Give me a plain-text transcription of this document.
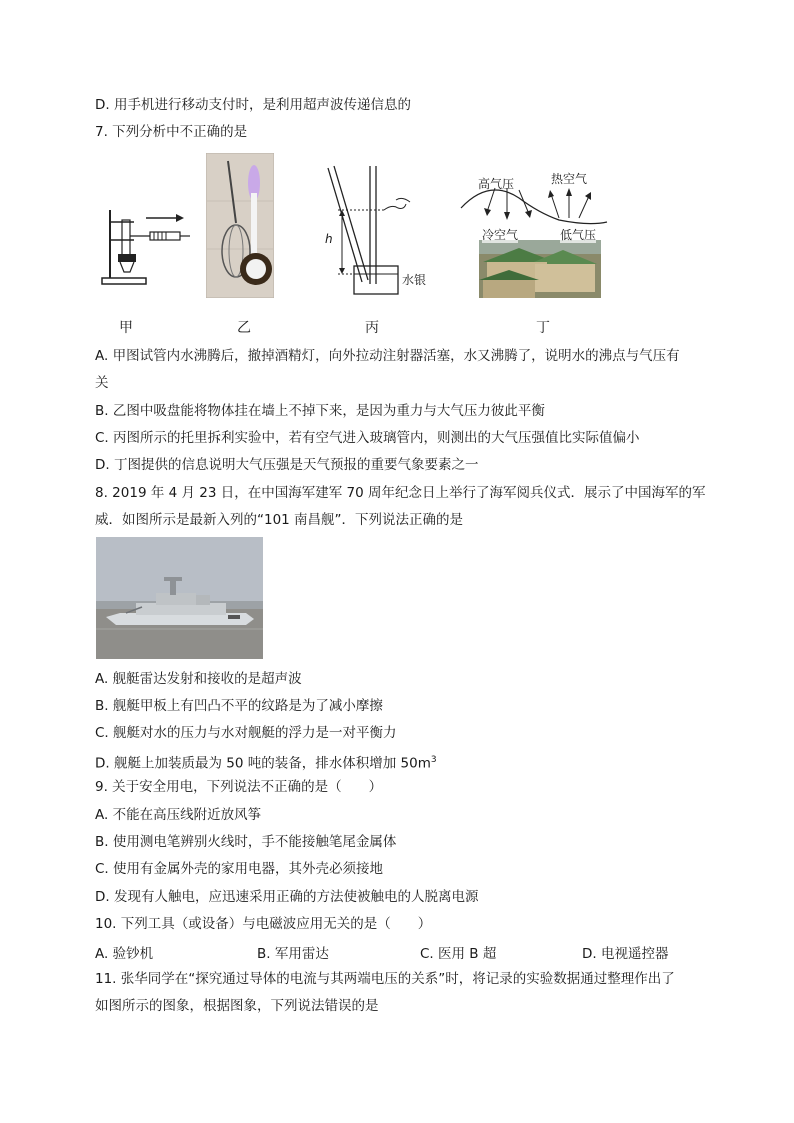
D. 用手机进行移动支付时，是利用超声波传递信息的
7. 下列分析中不正确的是
h
水银
高气压	热空气
冷空气	低气压
甲	乙	丙	丁
A. 甲图试管内水沸腾后，撤掉酒精灯，向外拉动注射器活塞，水又沸腾了，说明水的沸点与气压有
关
B. 乙图中吸盘能将物体挂在墙上不掉下来，是因为重力与大气压力彼此平衡
C. 丙图所示的托里拆利实验中，若有空气进入玻璃管内，则测出的大气压强值比实际值偏小
D. 丁图提供的信息说明大气压强是天气预报的重要气象要素之一
8. 2019 年 4 月 23 日，在中国海军建军 70 周年纪念日上举行了海军阅兵仪式．展示了中国海军的军
威．如图所示是最新入列的“101 南昌舰”．下列说法正确的是
A. 舰艇雷达发射和接收的是超声波
B. 舰艇甲板上有凹凸不平的纹路是为了减小摩擦
C. 舰艇对水的压力与水对舰艇的浮力是一对平衡力
D. 舰艇上加装质最为 50 吨的装备，排水体积增加 $50m^3$
9. 关于安全用电，下列说法不正确的是（　　）
A. 不能在高压线附近放风筝
B. 使用测电笔辨别火线时，手不能接触笔尾金属体
C. 使用有金属外壳的家用电器，其外壳必须接地
D. 发现有人触电，应迅速采用正确的方法使被触电的人脱离电源
10. 下列工具（或设备）与电磁波应用无关的是（　　）
A. 验钞机	B. 军用雷达	C. 医用 B 超	D. 电视遥控器
11. 张华同学在“探究通过导体的电流与其两端电压的关系”时，将记录的实验数据通过整理作出了
如图所示的图象，根据图象，下列说法错误的是
